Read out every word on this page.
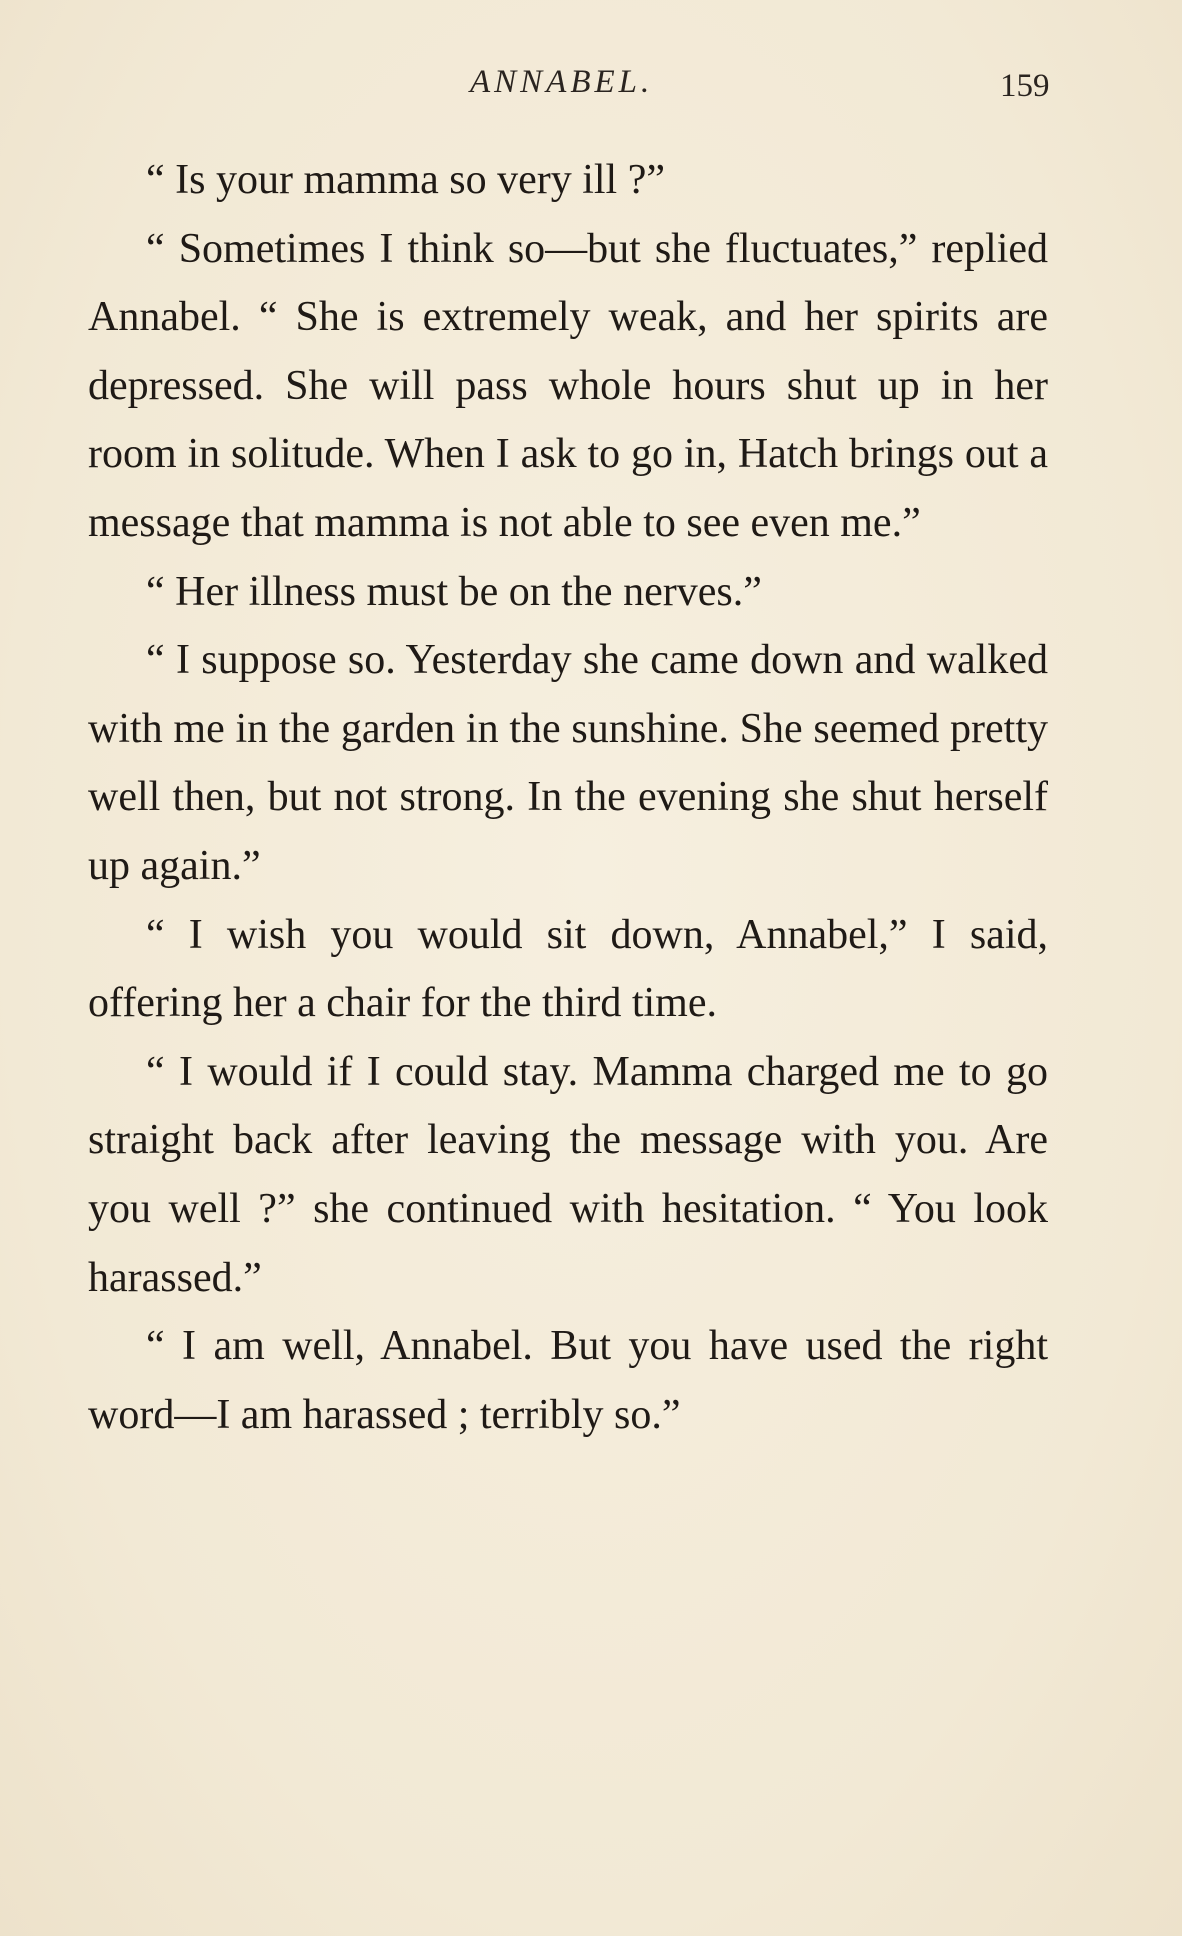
ANNABEL.	159

“ Is your mamma so very ill ?”

“ Sometimes I think so—but she fluctuates,” replied Annabel. “ She is extremely weak, and her spirits are depressed. She will pass whole hours shut up in her room in solitude. When I ask to go in, Hatch brings out a message that mamma is not able to see even me.”

“ Her illness must be on the nerves.”

“ I suppose so. Yesterday she came down and walked with me in the garden in the sunshine. She seemed pretty well then, but not strong. In the evening she shut herself up again.”

“ I wish you would sit down, Annabel,” I said, offering her a chair for the third time.

“ I would if I could stay. Mamma charged me to go straight back after leaving the message with you. Are you well ?” she continued with hesitation. “ You look harassed.”

“ I am well, Annabel. But you have used the right word—I am harassed ; terribly so.”
